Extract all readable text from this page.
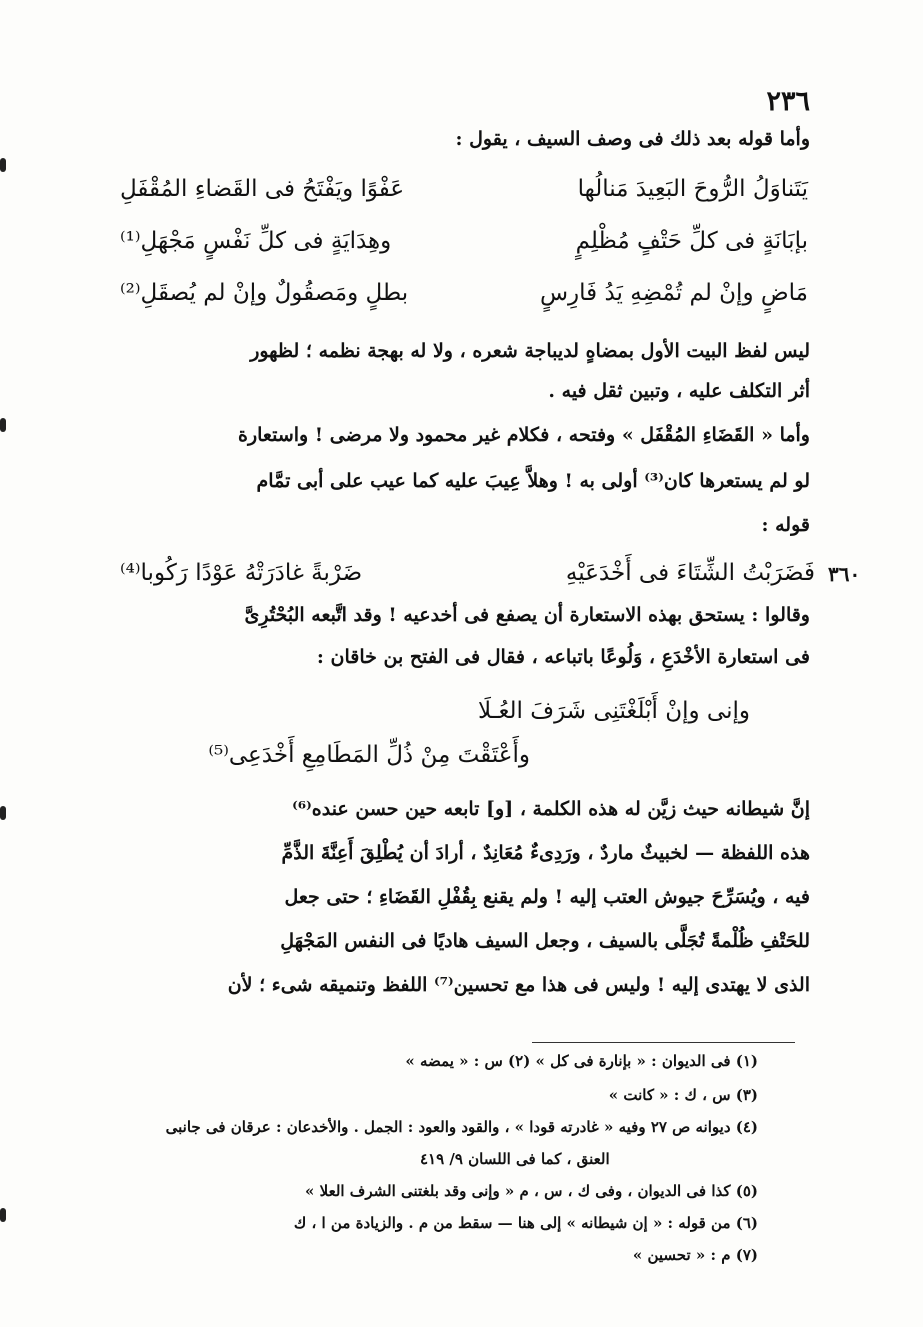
٢٣٦
وأما قوله بعد ذلك فى وصف السيف ، يقول :
يَتَناوَلُ الرُّوحَ البَعِيدَ مَنالُها
عَفْوًا ويَفْتَحُ فى القَضاءِ المُقْفَلِ
بإبَانَةٍ فى كلِّ حَتْفٍ مُظْلِمٍ
وهِدَايَةٍ فى كلِّ نَفْسٍ مَجْهَلِ⁽¹⁾
مَاضٍ وإنْ لم تُمْضِهِ يَدُ فَارِسٍ
بطلٍ ومَصقُولٌ وإنْ لم يُصقَلِ⁽²⁾
ليس لفظ البيت الأول بمضاهٍ لديباجة شعره ، ولا له بهجة نظمه ؛ لظهور
أثر التكلف عليه ، وتبين ثقل فيه .
وأما « القَضَاءِ المُقْفَل » وفتحه ، فكلام غير محمود ولا مرضى ! واستعارة
لو لم يستعرها كان⁽³⁾ أولى به ! وهلاَّ عِيبَ عليه كما عيب على أبى تمَّام
قوله :
٣٦٠
فَضَرَبْتُ الشِّتَاءَ فى أَخْدَعَيْهِ
ضَرْبةً غادَرَتْهُ عَوْدًا رَكُوبا⁽⁴⁾
وقالوا : يستحق بهذه الاستعارة أن يصفع فى أخدعيه ! وقد اتَّبعه البُحْتُرِىَّ
فى استعارة الأخْدَعِ ، وَلُوعًا باتباعه ، فقال فى الفتح بن خاقان :
وإنى وإنْ أَبْلَغْتَنِى شَرَفَ العُـلَا
وأَعْتَقْتَ مِنْ ذُلِّ المَطَامِعِ أَخْدَعِى⁽⁵⁾
إنَّ شيطانه حيث زيَّن له هذه الكلمة ، [و] تابعه حين حسن عنده⁽⁶⁾
هذه اللفظة — لخبيثٌ ماردٌ ، ورَدِىءٌ مُعَانِدٌ ، أرادَ أن يُطْلِقَ أَعِنَّةَ الذَّمِّ
فيه ، ويُسَرِّحَ جيوش العتب إليه ! ولم يقنع بِقُفْلِ القَضَاءِ ؛ حتى جعل
للحَتْفِ ظُلْمةً تُجَلَّى بالسيف ، وجعل السيف هاديًا فى النفس المَجْهَلِ
الذى لا يهتدى إليه ! وليس فى هذا مع تحسين⁽⁷⁾ اللفظ وتنميقه شىء ؛ لأن
(١) فى الديوان : « بإنارة فى كل » (٢) س : « يمضه »
(٣) س ، ك : « كانت »
(٤) ديوانه ص ٢٧ وفيه « غادرته قودا » ، والقود والعود : الجمل . والأخدعان : عرقان فى جانبى
العنق ، كما فى اللسان ٩/ ٤١٩
(٥) كذا فى الديوان ، وفى ك ، س ، م « وإنى وقد بلغتنى الشرف العلا »
(٦) من قوله : « إن شيطانه » إلى هنا — سقط من م . والزيادة من ا ، ك
(٧) م : « تحسين »
